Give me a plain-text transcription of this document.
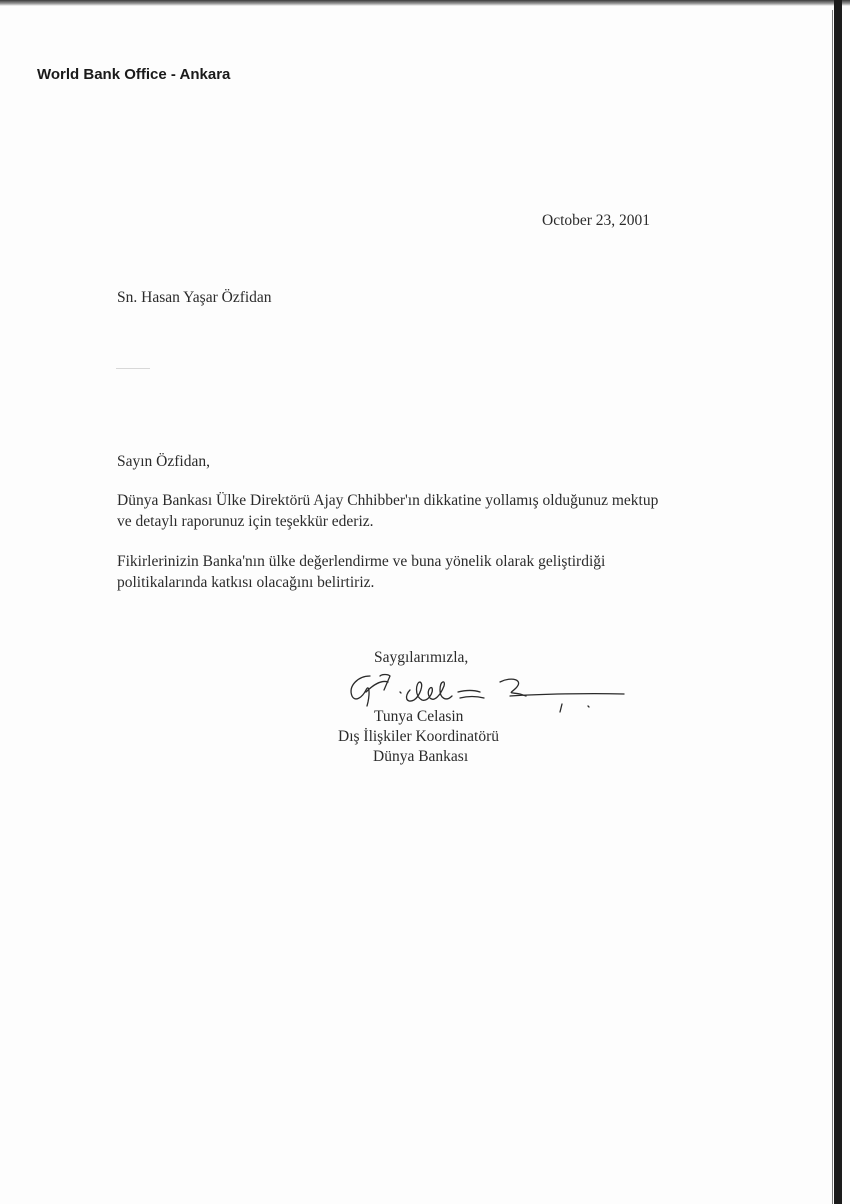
World Bank Office - Ankara
October 23, 2001
Sn. Hasan Yaşar Özfidan
Sayın Özfidan,
Dünya Bankası Ülke Direktörü Ajay Chhibber'ın dikkatine yollamış olduğunuz mektup
ve detaylı raporunuz için teşekkür ederiz.
Fikirlerinizin Banka'nın ülke değerlendirme ve buna yönelik olarak geliştirdiği
politikalarında katkısı olacağını belirtiriz.
Saygılarımızla,
Tunya Celasin
Dış İlişkiler Koordinatörü
Dünya Bankası
